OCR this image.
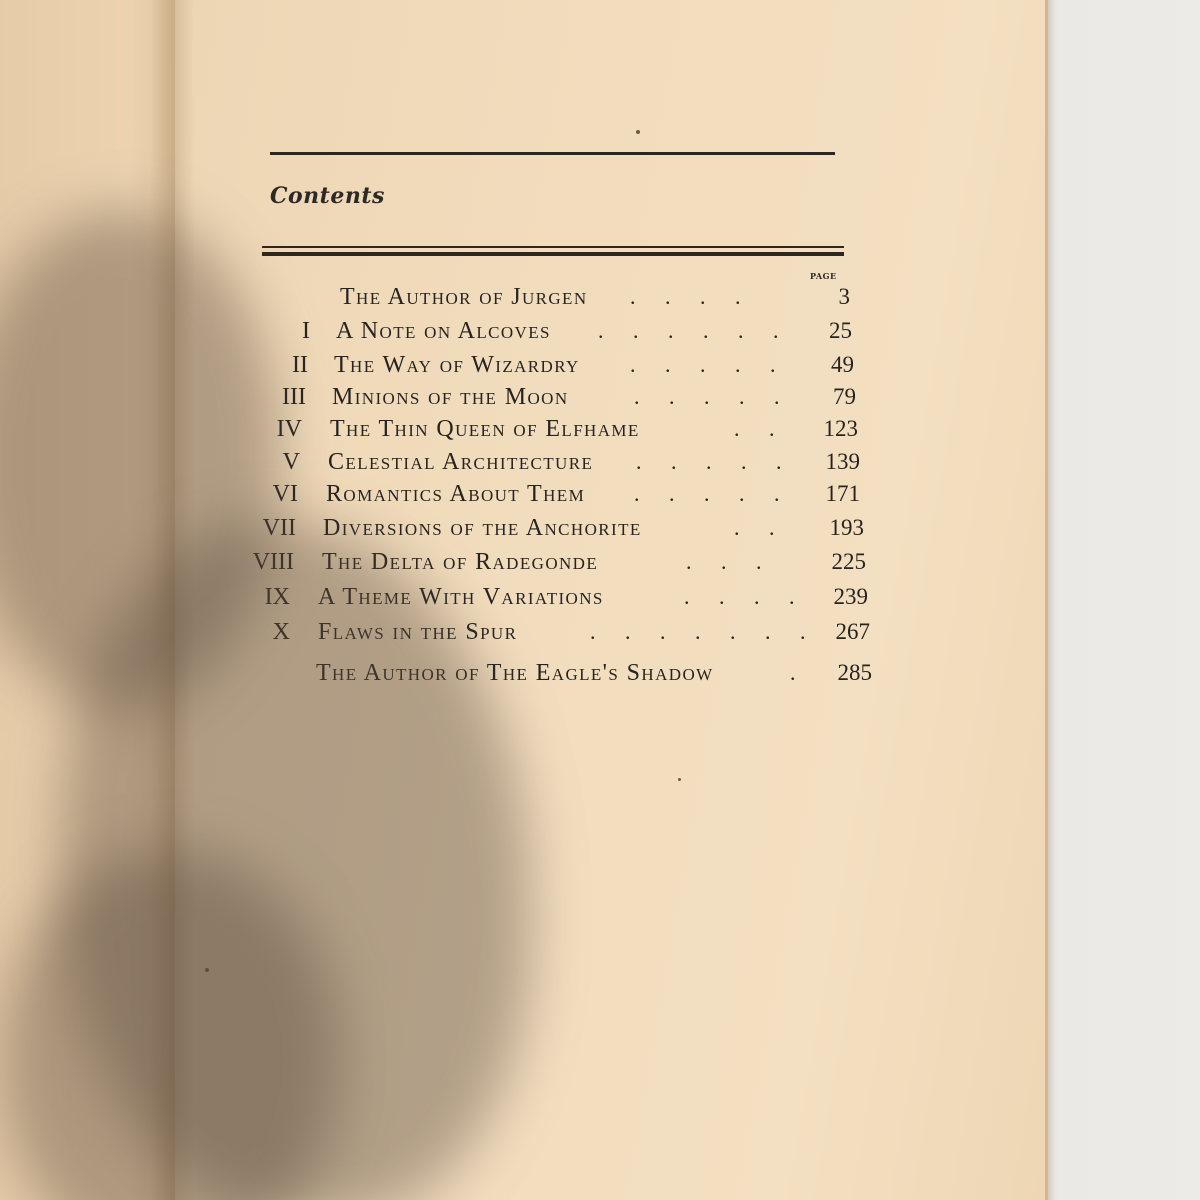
Contents
PAGE
The Author of Jurgen . . . .	3
I A Note on Alcoves . . . . . .	25
II The Way of Wizardry . . . . .	49
III Minions of the Moon	. . . . .	79
IV The Thin Queen of Elfhame	. .	123
V Celestial Architecture . . . . .	139
VI Romantics About Them . . . . .	171
VII Diversions of the Anchorite	. .	193
VIII The Delta of Radegonde	. . .	225
IX A Theme With Variations	. . . .	239
X Flaws in the Spur	. . . . . . .	267
The Author of The Eagle's Shadow	.	285
